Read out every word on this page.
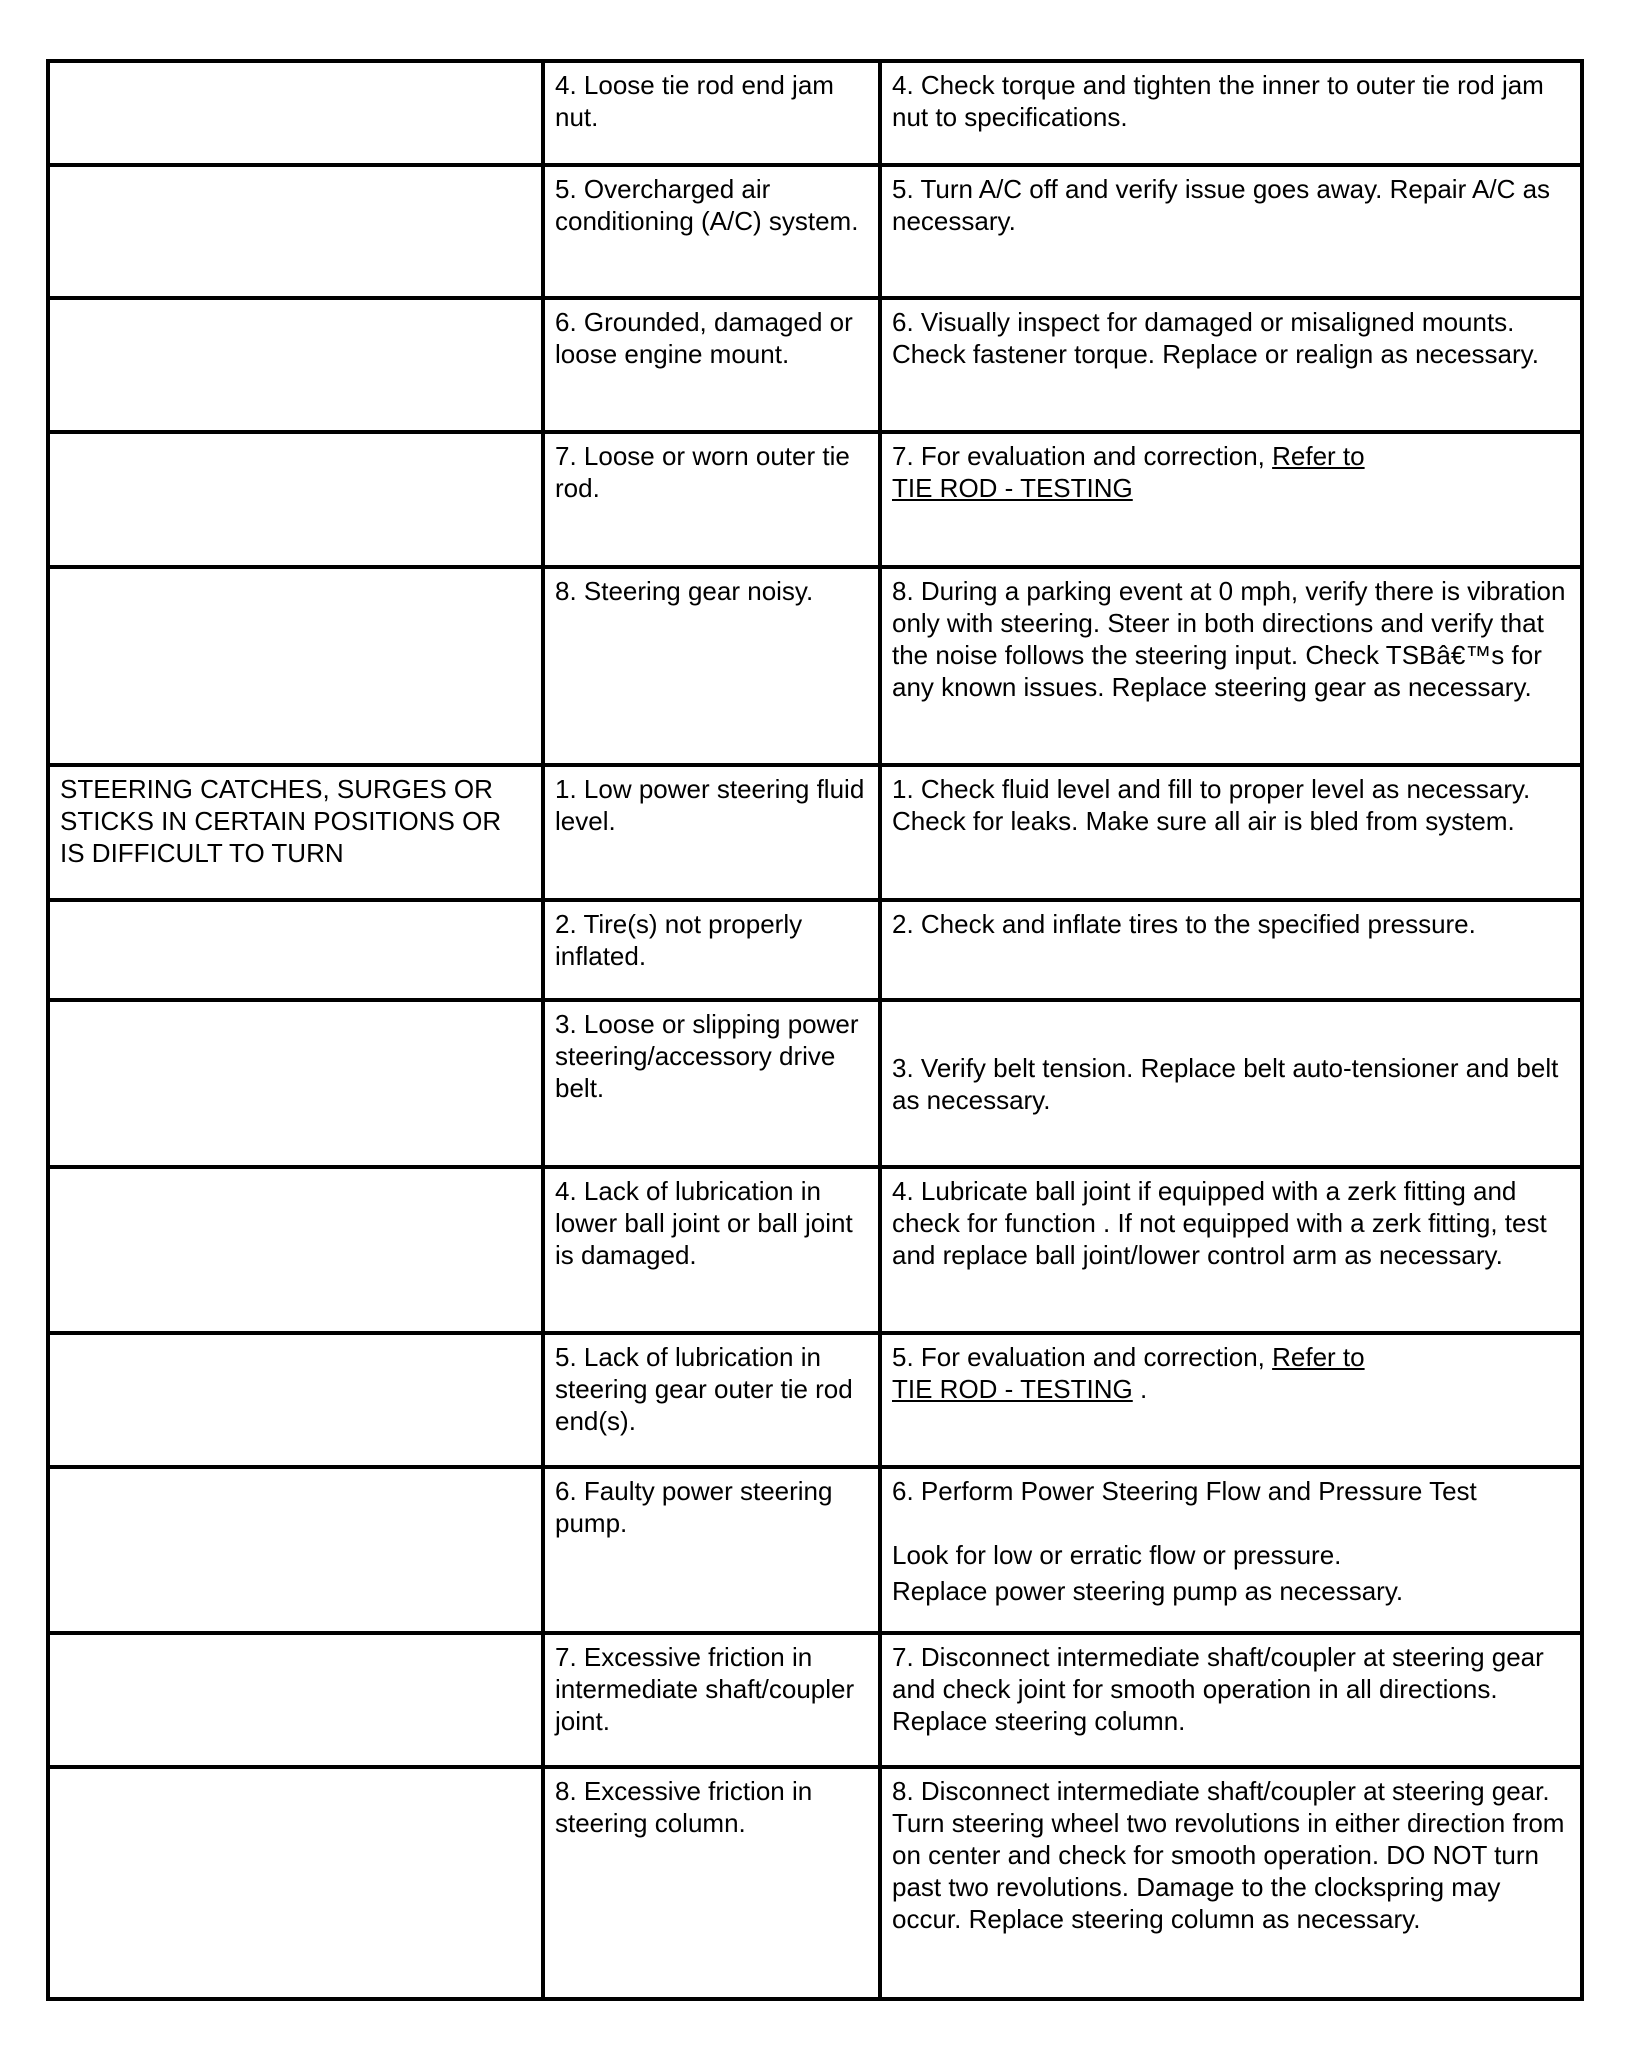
	4. Loose tie rod end jam nut.	4. Check torque and tighten the inner to outer tie rod jam nut to specifications.
	5. Overcharged air conditioning (A/C) system.	5. Turn A/C off and verify issue goes away. Repair A/C as necessary.
	6. Grounded, damaged or loose engine mount.	6. Visually inspect for damaged or misaligned mounts. Check fastener torque. Replace or realign as necessary.
	7. Loose or worn outer tie rod.	7. For evaluation and correction, Refer to
TIE ROD - TESTING
	8. Steering gear noisy.	8. During a parking event at 0 mph, verify there is vibration only with steering. Steer in both directions and verify that the noise follows the steering input. Check TSBâ€™s for any known issues. Replace steering gear as necessary.
STEERING CATCHES, SURGES OR STICKS IN CERTAIN POSITIONS OR IS DIFFICULT TO TURN	1. Low power steering fluid level.	1. Check fluid level and fill to proper level as necessary. Check for leaks. Make sure all air is bled from system.
	2. Tire(s) not properly inflated.	2. Check and inflate tires to the specified pressure.
	3. Loose or slipping power steering/accessory drive belt.	3. Verify belt tension. Replace belt auto-tensioner and belt as necessary.
	4. Lack of lubrication in lower ball joint or ball joint is damaged.	4. Lubricate ball joint if equipped with a zerk fitting and check for function . If not equipped with a zerk fitting, test and replace ball joint/lower control arm as necessary.
	5. Lack of lubrication in steering gear outer tie rod end(s).	5. For evaluation and correction, Refer to
TIE ROD - TESTING .
	6. Faulty power steering pump.	6. Perform Power Steering Flow and Pressure Test
Look for low or erratic flow or pressure.
Replace power steering pump as necessary.

	7. Excessive friction in intermediate shaft/coupler joint.	7. Disconnect intermediate shaft/coupler at steering gear and check joint for smooth operation in all directions. Replace steering column.
	8. Excessive friction in steering column.	8. Disconnect intermediate shaft/coupler at steering gear. Turn steering wheel two revolutions in either direction from on center and check for smooth operation. DO NOT turn past two revolutions. Damage to the clockspring may occur. Replace steering column as necessary.
